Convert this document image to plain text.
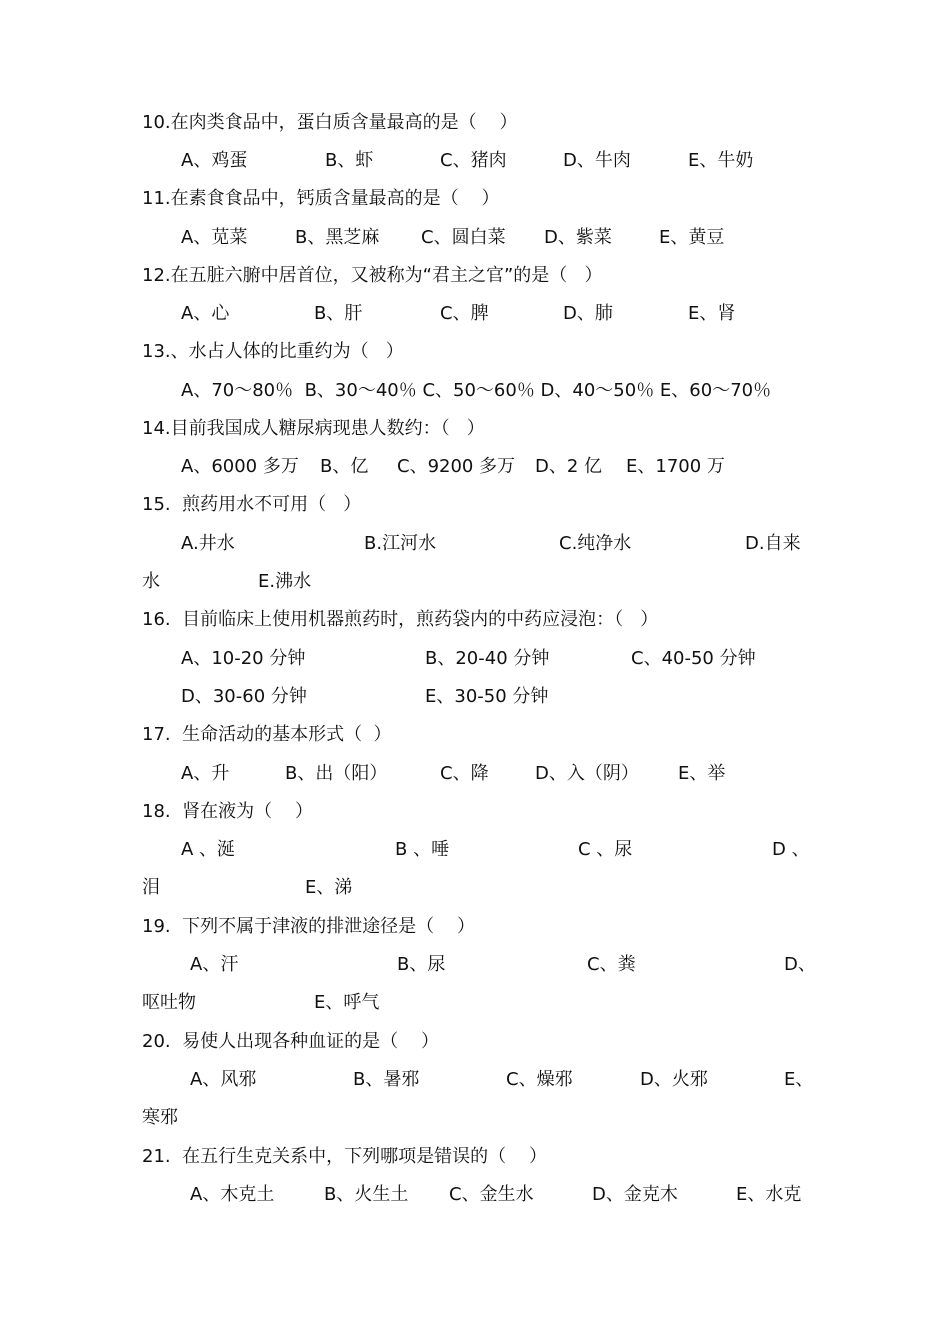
10.在肉类食品中，蛋白质含量最高的是（    ）
A、鸡蛋	B、虾	C、猪肉	D、牛肉	E、牛奶
11.在素食食品中，钙质含量最高的是（    ）
A、苋菜	B、黑芝麻 C、圆白菜 D、紫菜	E、黄豆
12.在五脏六腑中居首位，又被称为“君主之官”的是（   ）
A、心	B、肝	C、脾	D、肺	E、肾
13.、水占人体的比重约为（   ）
A、70～80％  B、30～40％ C、50～60％ D、40～50％ E、60～70％
14.目前我国成人糖尿病现患人数约：（   ）
A、6000 多万 B、亿 C、9200 多万 D、2 亿 E、1700 万
15.  煎药用水不可用（   ）
A.井水	B.江河水	C.纯净水	D.自来
水	E.沸水
16.  目前临床上使用机器煎药时，煎药袋内的中药应浸泡：（   ）
A、10-20 分钟	B、20-40 分钟	C、40-50 分钟
D、30-60 分钟	E、30-50 分钟
17.  生命活动的基本形式（  ）
A、升	B、出（阳）	C、降	D、入（阴） E、举
18.  肾在液为（    ）
A 、涎	B 、唾	C 、尿	D 、
泪	E、涕
19.  下列不属于津液的排泄途径是（    ）
A、汗	B、尿	C、粪	D、
呕吐物	E、呼气
20.  易使人出现各种血证的是（    ）
A、风邪	B、暑邪	C、燥邪	D、火邪	E、
寒邪
21.  在五行生克关系中，下列哪项是错误的（    ）
A、木克土	B、火生土 C、金生水	D、金克木	E、水克
